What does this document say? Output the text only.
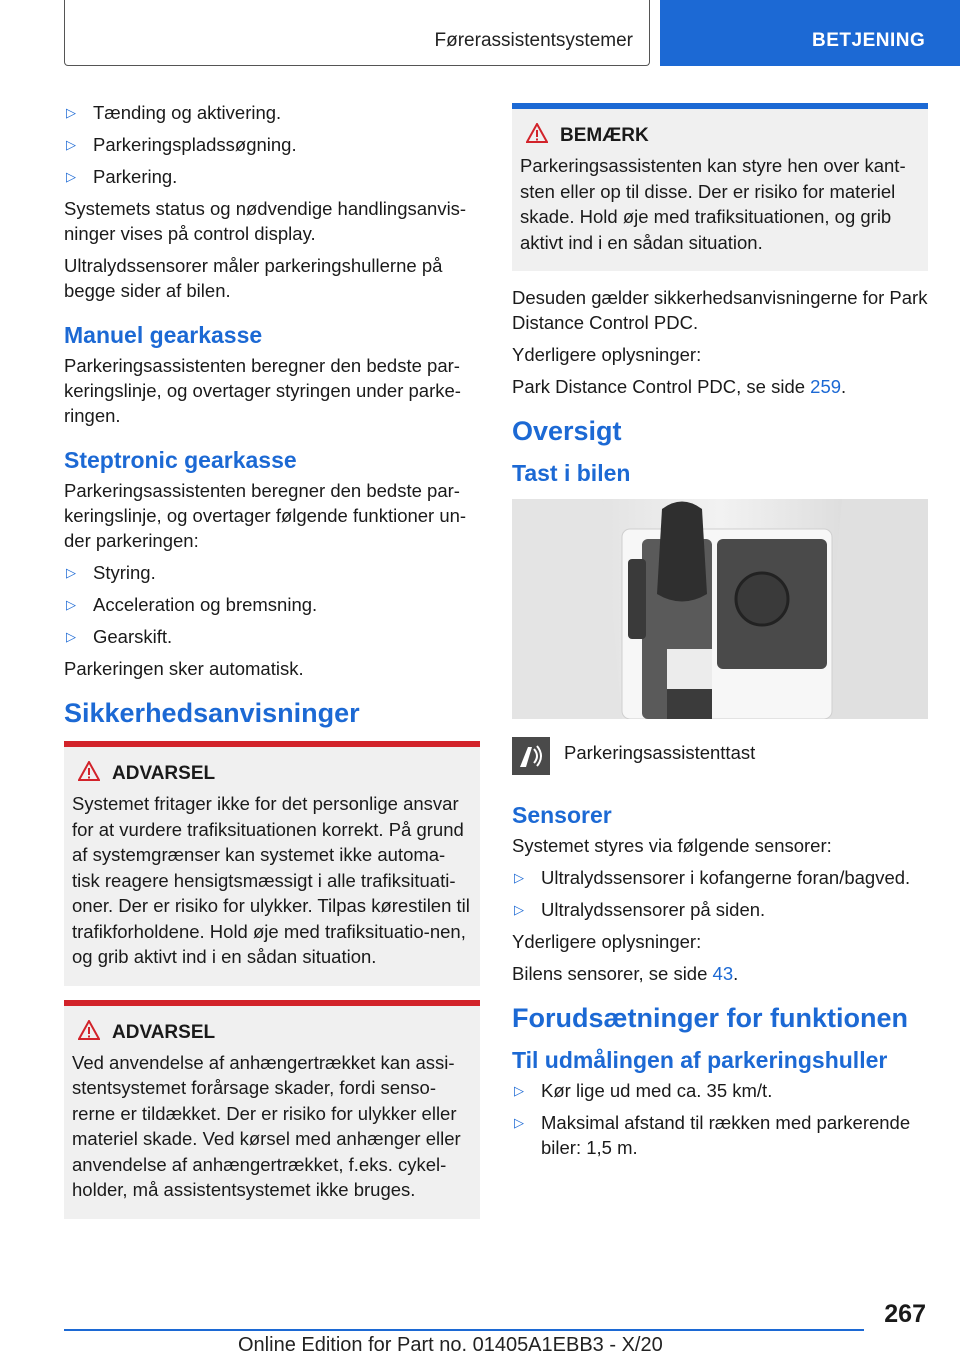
Førerassistentsystemer	BETJENING
▷ Tænding og aktivering.
▷ Parkeringspladssøgning.
▷ Parkering.

Systemets status og nødvendige handlingsanvis-ninger vises på control display.

Ultralydssensorer måler parkeringshullerne på begge sider af bilen.

Manuel gearkasse

Parkeringsassistenten beregner den bedste par-keringslinje, og overtager styringen under parke-ringen.

Steptronic gearkasse

Parkeringsassistenten beregner den bedste par-keringslinje, og overtager følgende funktioner un-der parkeringen:

▷ Styring.
▷ Acceleration og bremsning.
▷ Gearskift.

Parkeringen sker automatisk.

Sikkerhedsanvisninger
ADVARSEL

Systemet fritager ikke for det personlige ansvar for at vurdere trafiksituationen korrekt. På grund af systemgrænser kan systemet ikke automa-tisk reagere hensigtsmæssigt i alle trafiksituati-oner. Der er risiko for ulykker. Tilpas kørestilen til trafikforholdene. Hold øje med trafiksituatio-nen, og grib aktivt ind i en sådan situation.

ADVARSEL

Ved anvendelse af anhængertrækket kan assi-stentsystemet forårsage skader, fordi senso-rerne er tildækket. Der er risiko for ulykker eller materiel skade. Ved kørsel med anhænger eller anvendelse af anhængertrækket, f.eks. cykel-holder, må assistentsystemet ikke bruges.

BEMÆRK

Parkeringsassistenten kan styre hen over kant-sten eller op til disse. Der er risiko for materiel skade. Hold øje med trafiksituationen, og grib aktivt ind i en sådan situation.

Desuden gælder sikkerhedsanvisningerne for Park Distance Control PDC.

Yderligere oplysninger:

Park Distance Control PDC, se side 259.

Oversigt
Tast i bilen
Parkeringsassistenttast
Sensorer

Systemet styres via følgende sensorer:

▷ Ultralydssensorer i kofangerne foran/bagved.
▷ Ultralydssensorer på siden.

Yderligere oplysninger:

Bilens sensorer, se side 43.

Forudsætninger for funktionen
Til udmålingen af parkeringshuller
▷ Kør lige ud med ca. 35 km/t.
▷ Maksimal afstand til rækken med parkerende biler: 1,5 m.
267
Online Edition for Part no. 01405A1EBB3 - X/20
